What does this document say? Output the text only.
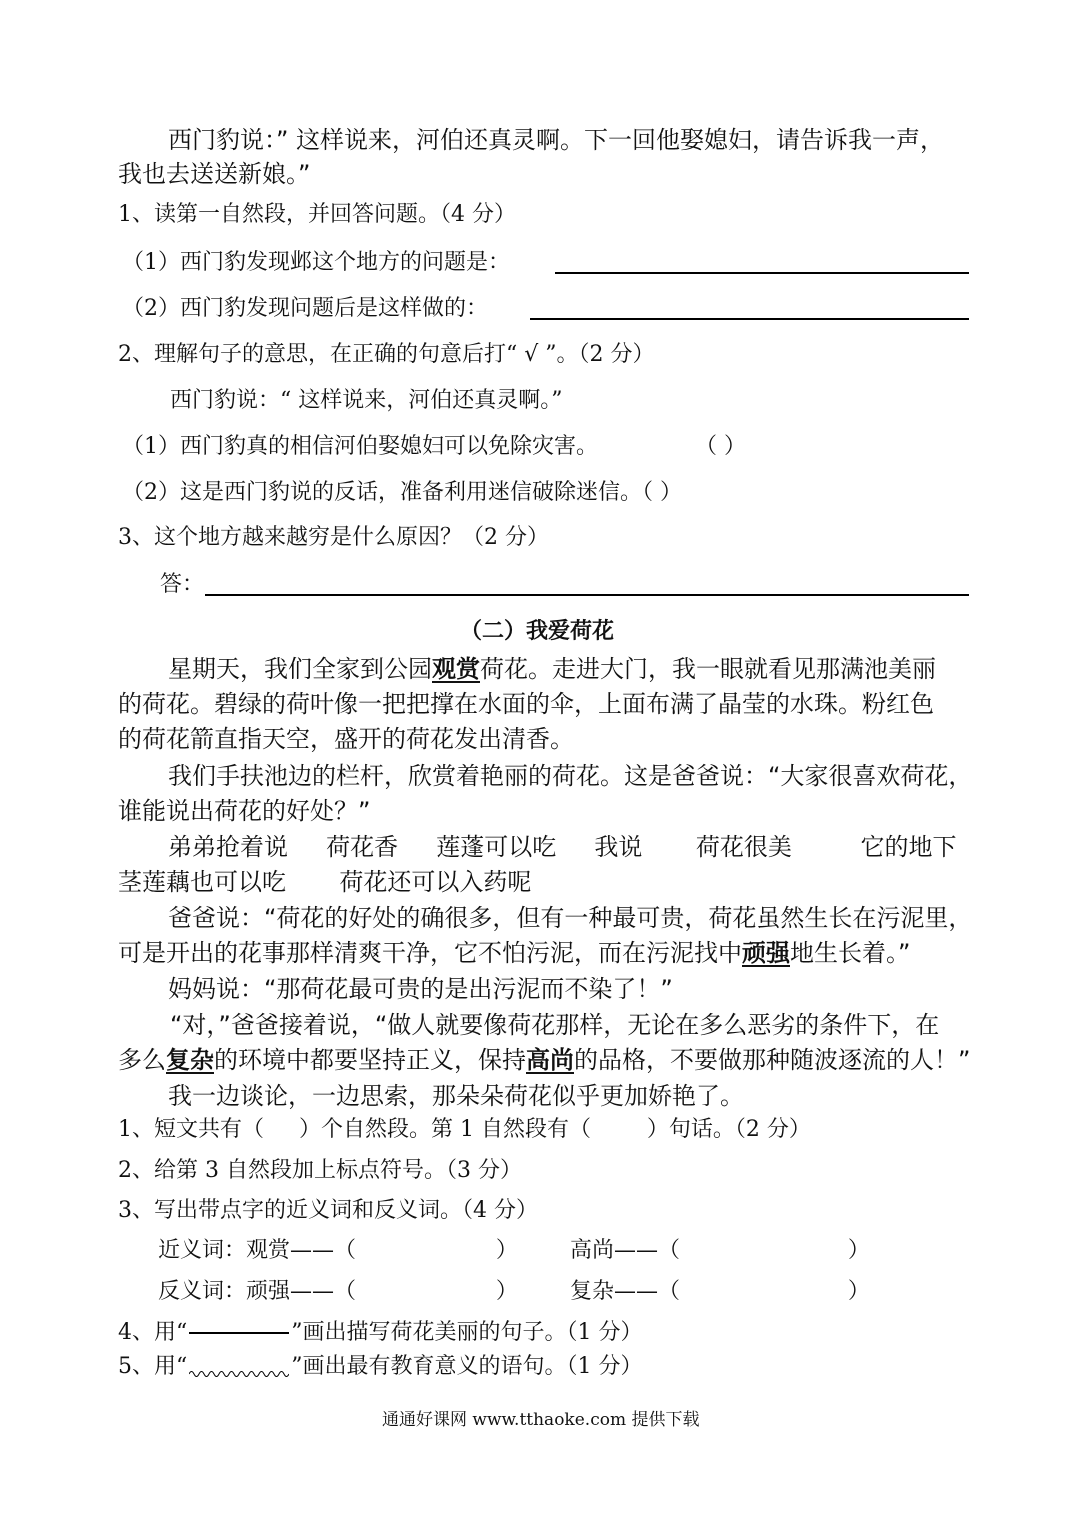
西门豹说：” 这样说来，河伯还真灵啊。下一回他娶媳妇，请告诉我一声，
我也去送送新娘。”
1、读第一自然段，并回答问题。（4 分）
（1）西门豹发现邺这个地方的问题是：
（2）西门豹发现问题后是这样做的：
2、理解句子的意思，在正确的句意后打“ √ ”。（2 分）
西门豹说：“ 这样说来，河伯还真灵啊。”
（1）西门豹真的相信河伯娶媳妇可以免除灾害。	（ ）
（2）这是西门豹说的反话，准备利用迷信破除迷信。（ ）
3、这个地方越来越穷是什么原因？（2 分）
答：
（二）我爱荷花
星期天，我们全家到公园观赏荷花。走进大门，我一眼就看见那满池美丽
的荷花。碧绿的荷叶像一把把撑在水面的伞，上面布满了晶莹的水珠。粉红色
的荷花箭直指天空，盛开的荷花发出清香。
我们手扶池边的栏杆，欣赏着艳丽的荷花。这是爸爸说：“大家很喜欢荷花，
谁能说出荷花的好处？”
弟弟抢着说     荷花香     莲蓬可以吃     我说       荷花很美         它的地下
茎莲藕也可以吃       荷花还可以入药呢
爸爸说：“荷花的好处的确很多，但有一种最可贵，荷花虽然生长在污泥里，
可是开出的花事那样清爽干净，它不怕污泥，而在污泥找中顽强地生长着。”
妈妈说：“那荷花最可贵的是出污泥而不染了！”
“对，”爸爸接着说，“做人就要像荷花那样，无论在多么恶劣的条件下，在
多么复杂的环境中都要坚持正义，保持高尚的品格，不要做那种随波逐流的人！”
我一边谈论，一边思索，那朵朵荷花似乎更加娇艳了。
1、短文共有（     ）个自然段。第 1 自然段有（        ）句话。（2 分）
2、给第 3 自然段加上标点符号。（3 分）
3、写出带点字的近义词和反义词。（4 分）
近义词：观赏——（                    ） 高尚——（                        ）
反义词：顽强——（                    ） 复杂——（                        ）
4、用“	”画出描写荷花美丽的句子。（1 分）
5、用“	”画出最有教育意义的语句。（1 分）
通通好课网 www.tthaoke.com 提供下载
